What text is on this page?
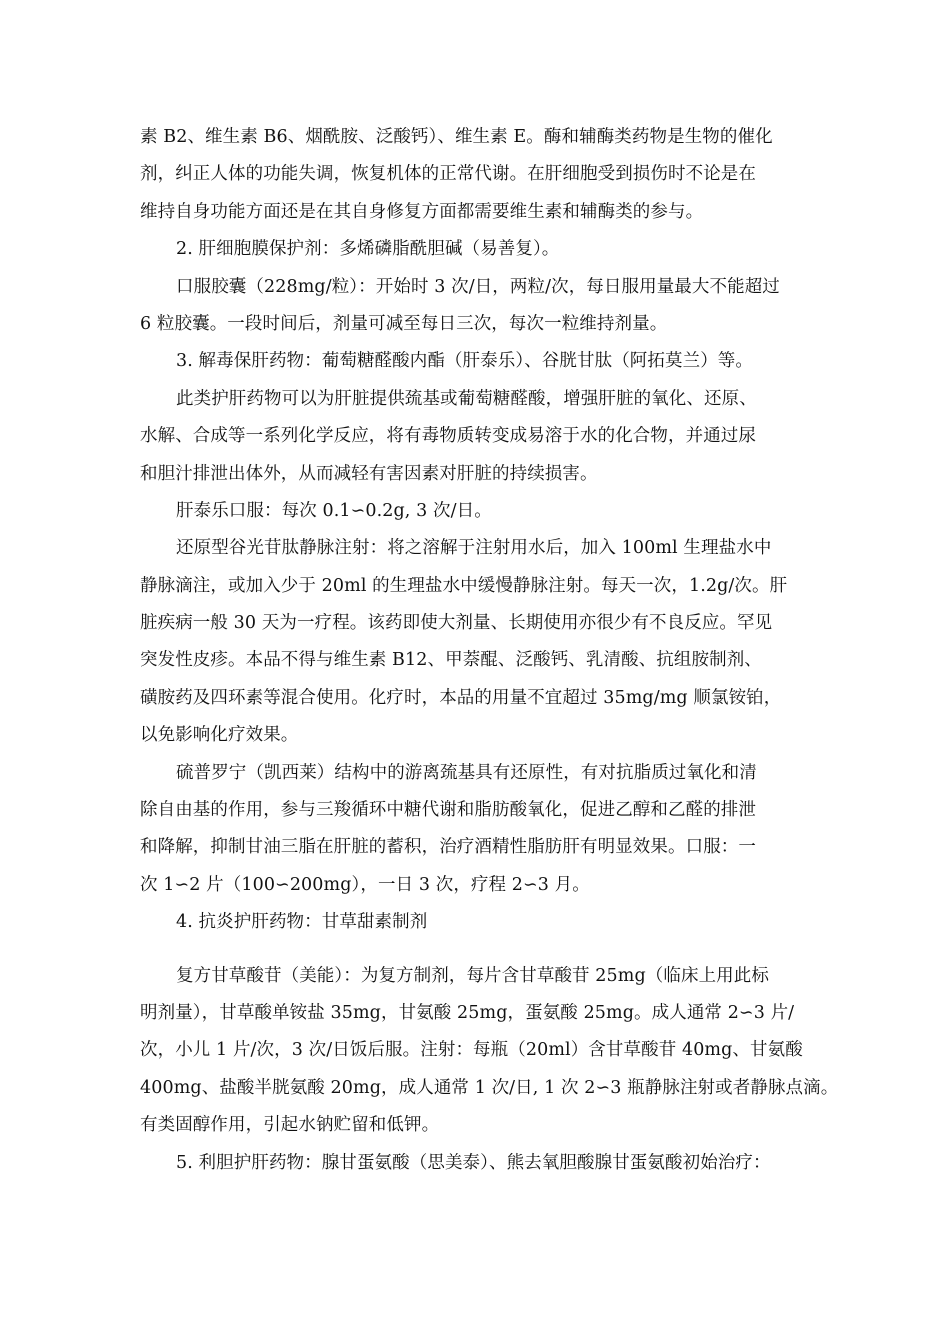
素 B2、维生素 B6、烟酰胺、泛酸钙）、维生素 E。酶和辅酶类药物是生物的催化
剂，纠正人体的功能失调，恢复机体的正常代谢。在肝细胞受到损伤时不论是在
维持自身功能方面还是在其自身修复方面都需要维生素和辅酶类的参与。
2. 肝细胞膜保护剂：多烯磷脂酰胆碱（易善复）。
口服胶囊（228mg/粒）：开始时 3 次/日，两粒/次，每日服用量最大不能超过
6 粒胶囊。一段时间后，剂量可减至每日三次，每次一粒维持剂量。
3. 解毒保肝药物：葡萄糖醛酸内酯（肝泰乐）、谷胱甘肽（阿拓莫兰）等。
此类护肝药物可以为肝脏提供巯基或葡萄糖醛酸，增强肝脏的氧化、还原、
水解、合成等一系列化学反应，将有毒物质转变成易溶于水的化合物，并通过尿
和胆汁排泄出体外，从而减轻有害因素对肝脏的持续损害。
肝泰乐口服：每次 0.1∽0.2g, 3 次/日。
还原型谷光苷肽静脉注射：将之溶解于注射用水后，加入 100ml 生理盐水中
静脉滴注，或加入少于 20ml 的生理盐水中缓慢静脉注射。每天一次，1.2g/次。肝
脏疾病一般 30 天为一疗程。该药即使大剂量、长期使用亦很少有不良反应。罕见
突发性皮疹。本品不得与维生素 B12、甲萘醌、泛酸钙、乳清酸、抗组胺制剂、
磺胺药及四环素等混合使用。化疗时，本品的用量不宜超过 35mg/mg 顺氯铵铂，
以免影响化疗效果。
硫普罗宁（凯西莱）结构中的游离巯基具有还原性，有对抗脂质过氧化和清
除自由基的作用，参与三羧循环中糖代谢和脂肪酸氧化，促进乙醇和乙醛的排泄
和降解，抑制甘油三脂在肝脏的蓄积，治疗酒精性脂肪肝有明显效果。口服：一
次 1∽2 片（100∽200mg），一日 3 次，疗程 2∽3 月。
4. 抗炎护肝药物：甘草甜素制剂
复方甘草酸苷（美能）：为复方制剂，每片含甘草酸苷 25mg（临床上用此标
明剂量），甘草酸单铵盐 35mg，甘氨酸 25mg，蛋氨酸 25mg。成人通常 2∽3 片/
次，小儿 1 片/次，3 次/日饭后服。注射：每瓶（20ml）含甘草酸苷 40mg、甘氨酸
400mg、盐酸半胱氨酸 20mg，成人通常 1 次/日, 1 次 2∽3 瓶静脉注射或者静脉点滴。
有类固醇作用，引起水钠贮留和低钾。
5. 利胆护肝药物：腺甘蛋氨酸（思美泰）、熊去氧胆酸腺甘蛋氨酸初始治疗：
